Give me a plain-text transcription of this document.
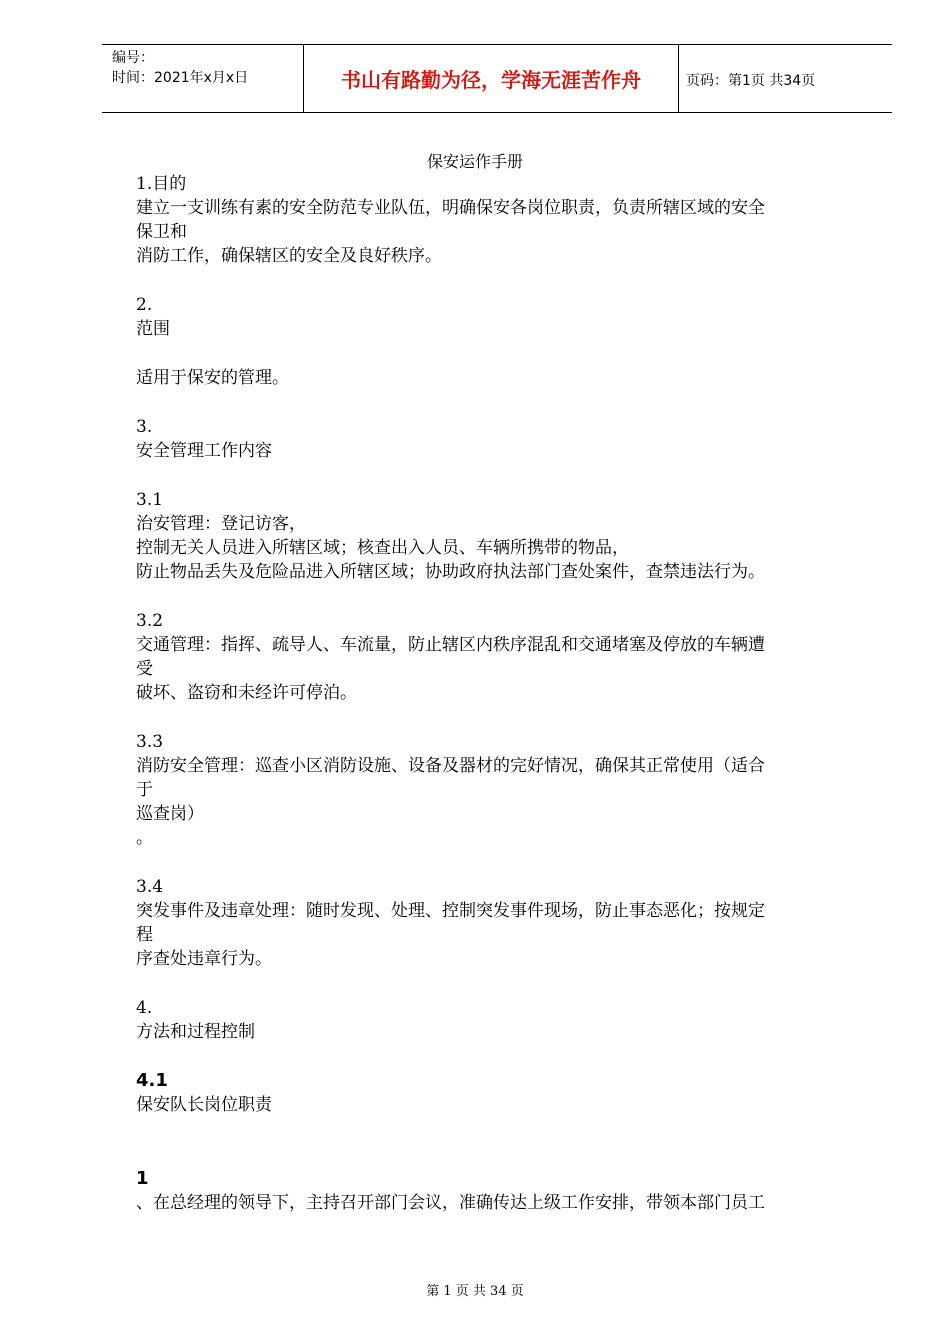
编号：
时间：2021年x月x日	书山有路勤为径，学海无涯苦作舟	页码：第1页 共34页
保安运作手册
1.目的
建立一支训练有素的安全防范专业队伍，明确保安各岗位职责，负责所辖区域的安全
保卫和
消防工作，确保辖区的安全及良好秩序。
2.
范围
适用于保安的管理。
3.
安全管理工作内容
3.1
治安管理：登记访客，
控制无关人员进入所辖区域；核查出入人员、车辆所携带的物品，
防止物品丢失及危险品进入所辖区域；协助政府执法部门查处案件，查禁违法行为。
3.2
交通管理：指挥、疏导人、车流量，防止辖区内秩序混乱和交通堵塞及停放的车辆遭
受
破坏、盗窃和未经许可停泊。
3.3
消防安全管理：巡查小区消防设施、设备及器材的完好情况，确保其正常使用（适合
于
巡查岗）
。
3.4
突发事件及违章处理：随时发现、处理、控制突发事件现场，防止事态恶化；按规定
程
序查处违章行为。
4.
方法和过程控制
4.1
保安队长岗位职责
1
、在总经理的领导下，主持召开部门会议，准确传达上级工作安排，带领本部门员工
第 1 页 共 34 页
